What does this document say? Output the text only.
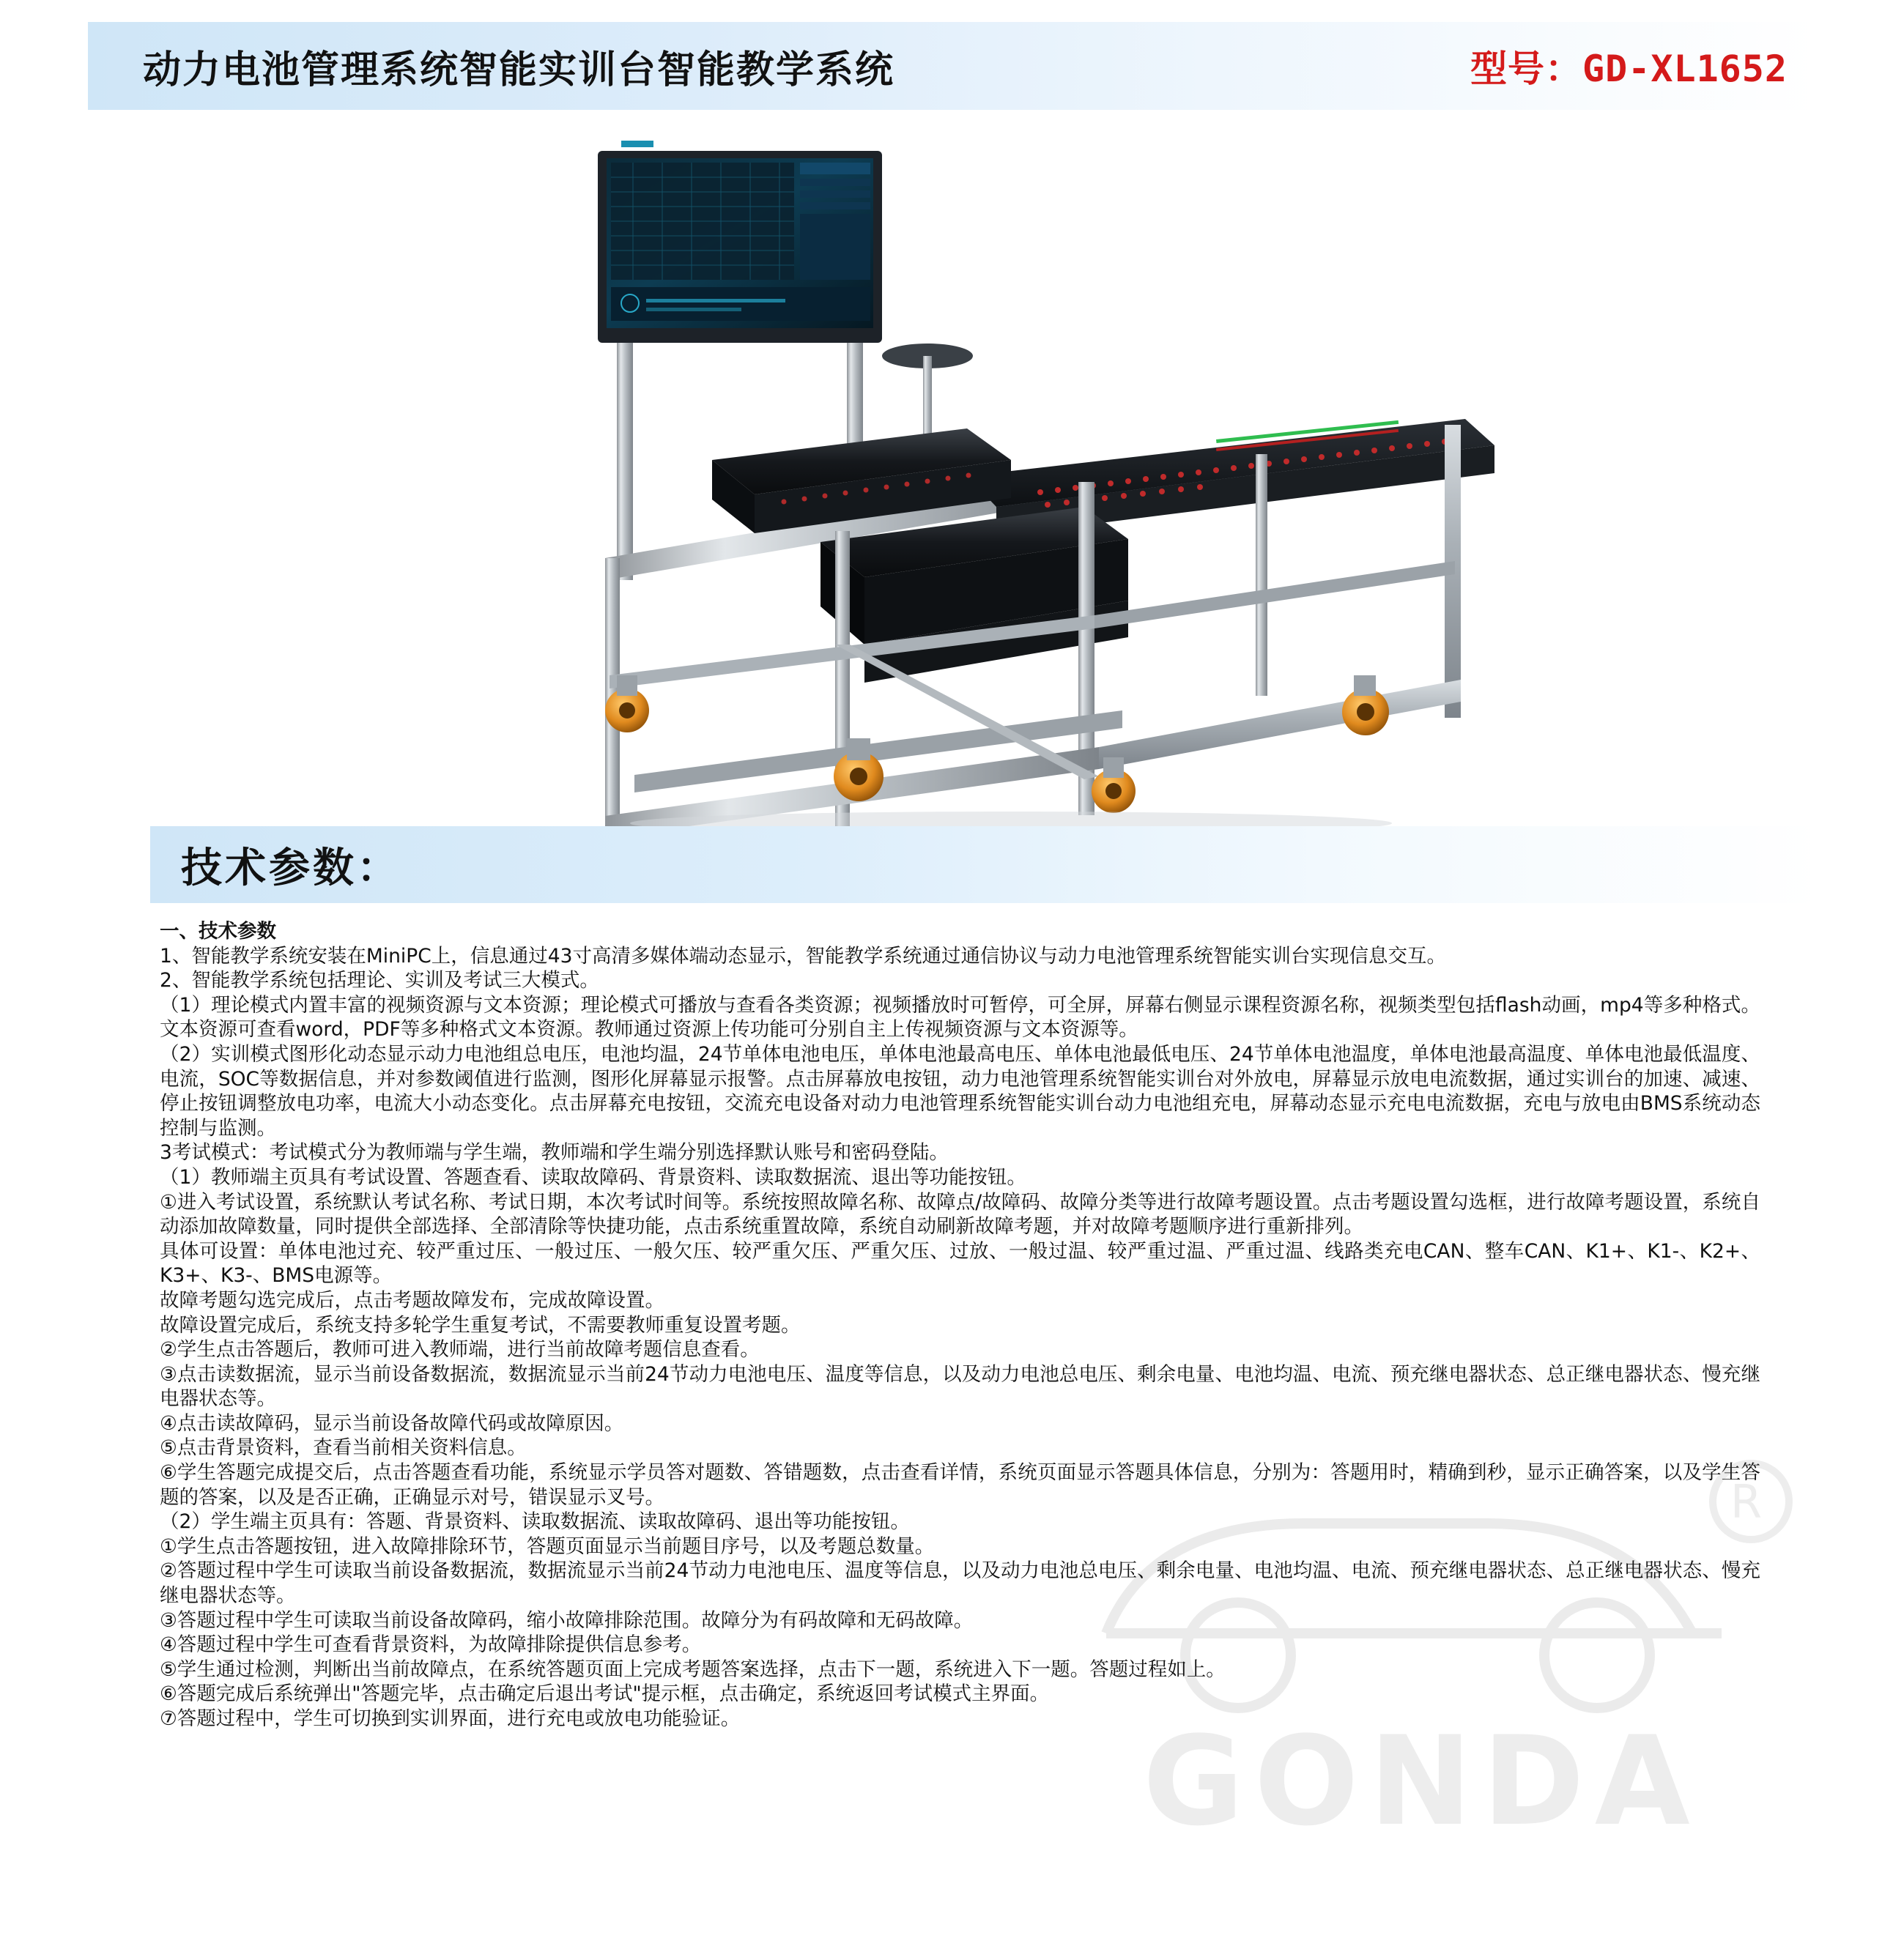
动力电池管理系统智能实训台智能教学系统	型号：GD-XL1652
GONDA
R
技术参数：

一、技术参数

1、智能教学系统安装在MiniPC上，信息通过43寸高清多媒体端动态显示，智能教学系统通过通信协议与动力电池管理系统智能实训台实现信息交互。

2、智能教学系统包括理论、实训及考试三大模式。

（1）理论模式内置丰富的视频资源与文本资源；理论模式可播放与查看各类资源；视频播放时可暂停，可全屏，屏幕右侧显示课程资源名称，视频类型包括flash动画，mp4等多种格式。文本资源可查看word，PDF等多种格式文本资源。教师通过资源上传功能可分别自主上传视频资源与文本资源等。

（2）实训模式图形化动态显示动力电池组总电压，电池均温，24节单体电池电压，单体电池最高电压、单体电池最低电压、24节单体电池温度，单体电池最高温度、单体电池最低温度、电流，SOC等数据信息，并对参数阈值进行监测，图形化屏幕显示报警。点击屏幕放电按钮，动力电池管理系统智能实训台对外放电，屏幕显示放电电流数据，通过实训台的加速、减速、停止按钮调整放电功率，电流大小动态变化。点击屏幕充电按钮，交流充电设备对动力电池管理系统智能实训台动力电池组充电，屏幕动态显示充电电流数据，充电与放电由BMS系统动态控制与监测。

3考试模式：考试模式分为教师端与学生端，教师端和学生端分别选择默认账号和密码登陆。

（1）教师端主页具有考试设置、答题查看、读取故障码、背景资料、读取数据流、退出等功能按钮。

①进入考试设置，系统默认考试名称、考试日期，本次考试时间等。系统按照故障名称、故障点/故障码、故障分类等进行故障考题设置。点击考题设置勾选框，进行故障考题设置，系统自动添加故障数量，同时提供全部选择、全部清除等快捷功能，点击系统重置故障，系统自动刷新故障考题，并对故障考题顺序进行重新排列。

具体可设置：单体电池过充、较严重过压、一般过压、一般欠压、较严重欠压、严重欠压、过放、一般过温、较严重过温、严重过温、线路类充电CAN、整车CAN、K1+、K1-、K2+、K3+、K3-、BMS电源等。

故障考题勾选完成后，点击考题故障发布，完成故障设置。

故障设置完成后，系统支持多轮学生重复考试，不需要教师重复设置考题。

②学生点击答题后，教师可进入教师端，进行当前故障考题信息查看。

③点击读数据流，显示当前设备数据流，数据流显示当前24节动力电池电压、温度等信息，以及动力电池总电压、剩余电量、电池均温、电流、预充继电器状态、总正继电器状态、慢充继电器状态等。

④点击读故障码，显示当前设备故障代码或故障原因。

⑤点击背景资料，查看当前相关资料信息。

⑥学生答题完成提交后，点击答题查看功能，系统显示学员答对题数、答错题数，点击查看详情，系统页面显示答题具体信息，分别为：答题用时，精确到秒，显示正确答案，以及学生答题的答案，以及是否正确，正确显示对号，错误显示叉号。

（2）学生端主页具有：答题、背景资料、读取数据流、读取故障码、退出等功能按钮。

①学生点击答题按钮，进入故障排除环节，答题页面显示当前题目序号，以及考题总数量。

②答题过程中学生可读取当前设备数据流，数据流显示当前24节动力电池电压、温度等信息，以及动力电池总电压、剩余电量、电池均温、电流、预充继电器状态、总正继电器状态、慢充继电器状态等。

③答题过程中学生可读取当前设备故障码，缩小故障排除范围。故障分为有码故障和无码故障。

④答题过程中学生可查看背景资料，为故障排除提供信息参考。

⑤学生通过检测，判断出当前故障点，在系统答题页面上完成考题答案选择，点击下一题，系统进入下一题。答题过程如上。

⑥答题完成后系统弹出"答题完毕，点击确定后退出考试"提示框，点击确定，系统返回考试模式主界面。

⑦答题过程中，学生可切换到实训界面，进行充电或放电功能验证。
